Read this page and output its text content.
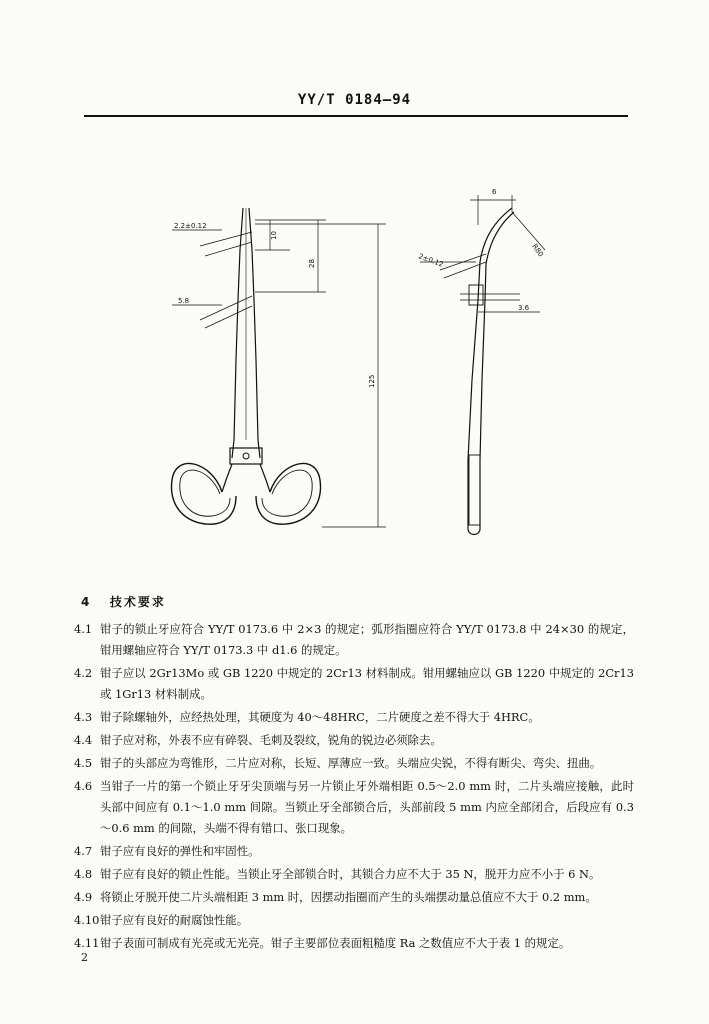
YY/T 0184—94
2.2±0.12
5.8
10
28
125
6
R80
2±0.12
3.6
4 技术要求
4.1 钳子的锁止牙应符合 YY/T 0173.6 中 2×3 的规定；弧形指圈应符合 YY/T 0173.8 中 24×30 的规定，钳用螺轴应符合 YY/T 0173.3 中 d1.6 的规定。
4.2 钳子应以 2Gr13Mo 或 GB 1220 中规定的 2Cr13 材料制成。钳用螺轴应以 GB 1220 中规定的 2Cr13 或 1Gr13 材料制成。
4.3 钳子除螺轴外，应经热处理，其硬度为 40～48HRC，二片硬度之差不得大于 4HRC。
4.4 钳子应对称，外表不应有碎裂、毛刺及裂纹，锐角的锐边必须除去。
4.5 钳子的头部应为弯锥形，二片应对称，长短、厚薄应一致。头端应尖锐，不得有断尖、弯尖、扭曲。
4.6 当钳子一片的第一个锁止牙牙尖顶端与另一片锁止牙外端相距 0.5～2.0 mm 时，二片头端应接触，此时头部中间应有 0.1～1.0 mm 间隙。当锁止牙全部锁合后，头部前段 5 mm 内应全部闭合，后段应有 0.3～0.6 mm 的间隙，头端不得有错口、张口现象。
4.7 钳子应有良好的弹性和牢固性。
4.8 钳子应有良好的锁止性能。当锁止牙全部锁合时，其锁合力应不大于 35 N，脱开力应不小于 6 N。
4.9 将锁止牙脱开使二片头端相距 3 mm 时，因摆动指圈而产生的头端摆动量总值应不大于 0.2 mm。
4.10 钳子应有良好的耐腐蚀性能。
4.11 钳子表面可制成有光亮或无光亮。钳子主要部位表面粗糙度 Ra 之数值应不大于表 1 的规定。
2
